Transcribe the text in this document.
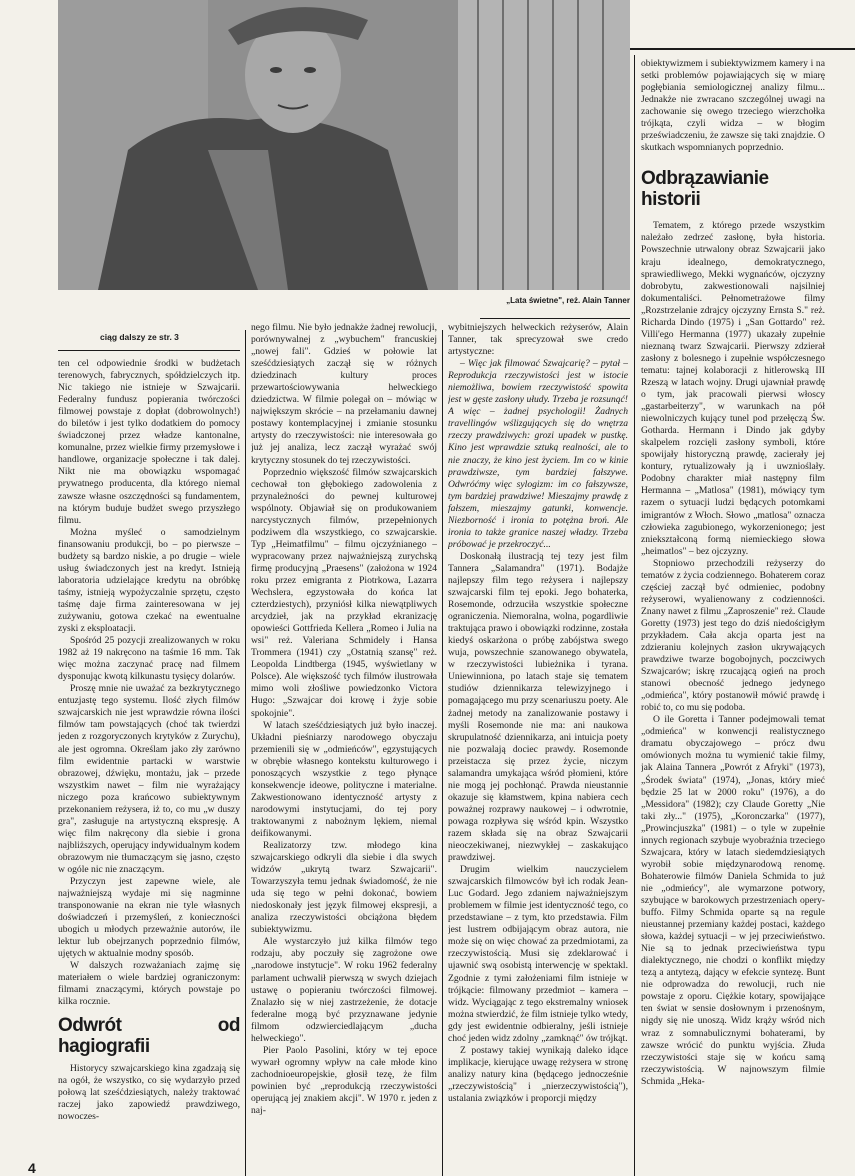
„Lata świetne", reż. Alain Tanner
ciąg dalszy ze str. 3

ten cel odpowiednie środki w budżetach terenowych, fabrycznych, spółdzielczych itp. Nic takiego nie istnieje w Szwajcarii. Federalny fundusz popierania twórczości filmowej powstaje z dopłat (dobrowolnych!) do biletów i jest tylko dodatkiem do pomocy świadczonej przez władze kantonalne, komunalne, przez wielkie firmy przemysłowe i handlowe, organizacje społeczne i tak dalej. Nikt nie ma obowiązku wspomagać prywatnego producenta, dla którego niemal zawsze własne oszczędności są fundamentem, na którym buduje budżet swego przyszłego filmu.

Można myśleć o samodzielnym finansowaniu produkcji, bo – po pierwsze – budżety są bardzo niskie, a po drugie – wiele usług świadczonych jest na kredyt. Istnieją laboratoria udzielające kredytu na obróbkę taśmy, istnieją wypożyczalnie sprzętu, często taśmę daje firma zainteresowana w jej zużywaniu, gotowa czekać na ewentualne zyski z eksploatacji.

Spośród 25 pozycji zrealizowanych w roku 1982 aż 19 nakręcono na taśmie 16 mm. Tak więc można zaczynać pracę nad filmem dysponując kwotą kilkunastu tysięcy dolarów.

Proszę mnie nie uważać za bezkrytycznego entuzjastę tego systemu. Ilość złych filmów szwajcarskich nie jest wprawdzie równa ilości filmów tam powstających (choć tak twierdzi jeden z rozgoryczonych krytyków z Zurychu), ale jest ogromna. Określam jako zły zarówno film ewidentnie partacki w warstwie obrazowej, dźwięku, montażu, jak – przede wszystkim nawet – film nie wyrażający niczego poza krańcowo subiektywnym przekonaniem reżysera, iż to, co mu „w duszy gra", zasługuje na artystyczną ekspresję. A więc film nakręcony dla siebie i grona najbliższych, operujący indywidualnym kodem obrazowym nie tłumaczącym się jasno, często w ogóle nic nie znaczącym.

Przyczyn jest zapewne wiele, ale najważniejszą wydaje mi się nagminne transponowanie na ekran nie tyle własnych doświadczeń i przemyśleń, z konieczności ubogich u młodych przeważnie autorów, ile lektur lub obejrzanych poprzednio filmów, ujętych w aktualnie modny sposób.

W dalszych rozważaniach zajmę się materiałem o wiele bardziej ograniczonym: filmami znaczącymi, których powstaje po kilka rocznie.

Odwrót od hagiografii

Historycy szwajcarskiego kina zgadzają się na ogół, że wszystko, co się wydarzyło przed połową lat sześćdziesiątych, należy traktować raczej jako zapowiedź prawdziwego, nowoczes-

nego filmu. Nie było jednakże żadnej rewolucji, porównywalnej z „wybuchem" francuskiej „nowej fali". Gdzieś w połowie lat sześćdziesiątych zaczął się w różnych dziedzinach kultury proces przewartościowywania helweckiego dziedzictwa. W filmie polegał on – mówiąc w największym skrócie – na przełamaniu dawnej postawy kontemplacyjnej i zmianie stosunku artysty do rzeczywistości: nie interesowała go już jej analiza, lecz zaczął wyrażać swój krytyczny stosunek do tej rzeczywistości.

Poprzednio większość filmów szwajcarskich cechował ton głębokiego zadowolenia z przynależności do pewnej kulturowej wspólnoty. Objawiał się on produkowaniem narcystycznych filmów, przepełnionych podziwem dla wszystkiego, co szwajcarskie. Typ „Heimatfilmu" – filmu ojczyźnianego – wypracowany przez najważniejszą zurychską firmę producyjną „Praesens" (założona w 1924 roku przez emigranta z Piotrkowa, Lazarra Wechslera, egzystowała do końca lat czterdziestych), przyniósł kilka niewątpliwych arcydzieł, jak na przykład ekranizację opowieści Gottfrieda Kellera „Romeo i Julia na wsi" reż. Valeriana Schmidely i Hansa Trommera (1941) czy „Ostatnią szansę" reż. Leopolda Lindtberga (1945, wyświetlany w Polsce). Ale większość tych filmów ilustrowała mimo woli złośliwe powiedzonko Victora Hugo: „Szwajcar doi krowę i żyje sobie spokojnie".

W latach sześćdziesiątych już było inaczej. Układni pieśniarzy narodowego obyczaju przemienili się w „odmieńców", egzystujących w obrębie własnego kontekstu kulturowego i ponoszących wszystkie z tego płynące konsekwencje ideowe, polityczne i materialne. Zakwestionowano identyczność artysty z narodowymi instytucjami, do tej pory traktowanymi z nabożnym lękiem, niemal deifikowanymi.

Realizatorzy tzw. młodego kina szwajcarskiego odkryli dla siebie i dla swych widzów „ukrytą twarz Szwajcarii". Towarzyszyła temu jednak świadomość, że nie uda się tego w pełni dokonać, bowiem niedoskonały jest język filmowej ekspresji, a analiza rzeczywistości obciążona błędem subiektywizmu.

Ale wystarczyło już kilka filmów tego rodzaju, aby poczuły się zagrożone owe „narodowe instytucje". W roku 1962 federalny parlament uchwalił pierwszą w swych dziejach ustawę o popieraniu twórczości filmowej. Znalazło się w niej zastrzeżenie, że dotacje federalne mogą być przyznawane jedynie filmom odzwierciedlającym „ducha helweckiego".

Pier Paolo Pasolini, który w tej epoce wywarł ogromny wpływ na całe młode kino zachodnioeuropejskie, głosił tezę, że film powinien być „reprodukcją rzeczywistości operującą jej znakiem akcji". W 1970 r. jeden z naj-

wybitniejszych helweckich reżyserów, Alain Tanner, tak sprecyzował swe credo artystyczne:

– Więc jak filmować Szwajcarię? – pytał – Reprodukcja rzeczywistości jest w istocie niemożliwa, bowiem rzeczywistość spowita jest w gęste zasłony ułudy. Trzeba je rozsunąć! A więc – żadnej psychologii! Żadnych travellingów wślizgujących się do wnętrza rzeczy prawdziwych: grozi upadek w pustkę. Kino jest wprawdzie sztuką realności, ale to nie znaczy, że kino jest życiem. Im co w kinie prawdziwsze, tym bardziej fałszywe. Odwróćmy więc sylogizm: im co fałszywsze, tym bardziej prawdziwe! Mieszajmy prawdę z fałszem, mieszajmy gatunki, konwencje. Niezborność i ironia to potężna broń. Ale ironia to także granice naszej władzy. Trzeba próbować je przekroczyć...

Doskonałą ilustracją tej tezy jest film Tannera „Salamandra" (1971). Bodajże najlepszy film tego reżysera i najlepszy szwajcarski film tej epoki. Jego bohaterka, Rosemonde, odrzuciła wszystkie społeczne ograniczenia. Niemoralna, wolna, pogardliwie traktująca prawo i obowiązki rodzinne, została kiedyś oskarżona o próbę zabójstwa swego wuja, powszechnie szanowanego obywatela, w rzeczywistości lubieżnika i tyrana. Uniewinniona, po latach staje się tematem studiów dziennikarza telewizyjnego i pomagającego mu przy scenariuszu poety. Ale żadnej metody na zanalizowanie postawy i myśli Rosemonde nie ma: ani naukowa skrupulatność dziennikarza, ani intuicja poety nie pozwalają dociec prawdy. Rosemonde przeistacza się przez życie, niczym salamandra umykająca wśród płomieni, które nie mogą jej pochłonąć. Prawda nieustannie okazuje się kłamstwem, kpina nabiera cech poważnej rozprawy naukowej – i odwrotnie, powaga rozpływa się wśród kpin. Wszystko razem składa się na obraz Szwajcarii nieoczekiwanej, niezwykłej – zaskakująco prawdziwej.

Drugim wielkim nauczycielem szwajcarskich filmowców był ich rodak Jean-Luc Godard. Jego zdaniem najważniejszym problemem w filmie jest identyczność tego, co przedstawiane – z tym, kto przedstawia. Film jest lustrem odbijającym obraz autora, nie może się on więc chować za przedmiotami, za rzeczywistością. Musi się zdeklarować i ujawnić swą osobistą interwencję w spektakl. Zgodnie z tymi założeniami film istnieje w trójkącie: filmowany przedmiot – kamera – widz. Wyciągając z tego ekstremalny wniosek można stwierdzić, że film istnieje tylko wtedy, gdy jest ewidentnie odbieralny, jeśli istnieje choć jeden widz zdolny „zamknąć" ów trójkąt.

Z postawy takiej wynikają daleko idące implikacje, kierujące uwagę reżysera w stronę analizy natury kina (będącego jednocześnie „rzeczywistością" i „nierzeczywistością"), ustalania związków i proporcji między

obiektywizmem i subiektywizmem kamery i na setki problemów pojawiających się w miarę pogłębiania semiologicznej analizy filmu... Jednakże nie zwracano szczególnej uwagi na zachowanie się owego trzeciego wierzchołka trójkąta, czyli widza – w błogim przeświadczeniu, że zawsze się taki znajdzie. O skutkach wspomnianych poprzednio.

Odbrązawianie historii

Tematem, z którego przede wszystkim należało zedrzeć zasłonę, była historia. Powszechnie utrwalony obraz Szwajcarii jako kraju idealnego, demokratycznego, sprawiedliwego, Mekki wygnańców, ojczyzny dobrobytu, zakwestionowali najsilniej dokumentaliści. Pełnometrażowe filmy „Rozstrzelanie zdrajcy ojczyzny Ernsta S." reż. Richarda Dindo (1975) i „San Gottardo" reż. Villi'ego Hermanna (1977) ukazały zupełnie nieznaną twarz Szwajcarii. Pierwszy zdzierał zasłony z bolesnego i zupełnie współczesnego tematu: tajnej kolaboracji z hitlerowską III Rzeszą w latach wojny. Drugi ujawniał prawdę o tym, jak pracowali pierwsi włoscy „gastarbeiterzy", w warunkach na pół niewolniczych kujący tunel pod przełęczą Św. Gotharda. Hermann i Dindo jak gdyby skalpelem rozcięli zasłony symboli, które spowijały historyczną prawdę, zacierały jej kontury, rytualizowały ją i uwznioślały. Podobny charakter miał następny film Hermanna – „Matlosa" (1981), mówiący tym razem o sytuacji ludzi będących potomkami imigrantów z Włoch. Słowo „matlosa" oznacza człowieka zagubionego, wykorzenionego; jest zniekształconą formą niemieckiego słowa „heimatlos" – bez ojczyzny.

Stopniowo przechodzili reżyserzy do tematów z życia codziennego. Bohaterem coraz częściej zaczął być odmieniec, podobny reżyserowi, wyalienowany z codzienności. Znany nawet z filmu „Zaproszenie" reż. Claude Goretty (1973) jest tego do dziś niedościgłym przykładem. Cała akcja oparta jest na zdzieraniu kolejnych zasłon ukrywających prawdziwe twarze bogobojnych, poczciwych Szwajcarów; iskrę rzucającą ogień na proch stanowi obecność jednego jedynego „odmieńca", który postanowił mówić prawdę i robić to, co mu się podoba.

O ile Goretta i Tanner podejmowali temat „odmieńca" w konwencji realistycznego dramatu obyczajowego – prócz dwu omówionych można tu wymienić takie filmy, jak Alaina Tannera „Powrót z Afryki" (1973), „Środek świata" (1974), „Jonas, który mieć będzie 25 lat w 2000 roku" (1976), a do „Messidora" (1982); czy Claude Goretty „Nie taki zły..." (1975), „Koronczarka" (1977), „Prowincjuszka" (1981) – o tyle w zupełnie innych regionach szybuje wyobraźnia trzeciego Szwajcara, który w latach siedemdziesiątych wyrobił sobie międzynarodową renomę. Bohaterowie filmów Daniela Schmida to już nie „odmieńcy", ale wymarzone potwory, szybujące w barokowych przestrzeniach opery-buffo. Filmy Schmida oparte są na regule nieustannej przemiany każdej postaci, każdego słowa, każdej sytuacji – w jej przeciwieństwo. Nie są to jednak przeciwieństwa typu dialektycznego, nie chodzi o konflikt między tezą a antytezą, dający w efekcie syntezę. Bunt nie odprowadza do rewolucji, ruch nie powstaje z oporu. Ciężkie kotary, spowijające ten świat w sensie dosłownym i przenośnym, nigdy się nie unoszą. Widz krąży wśród nich wraz z somnabulicznymi bohaterami, by zawsze wrócić do punktu wyjścia. Złuda rzeczywistości staje się w końcu samą rzeczywistością. W najnowszym filmie Schmida „Heka-

4
